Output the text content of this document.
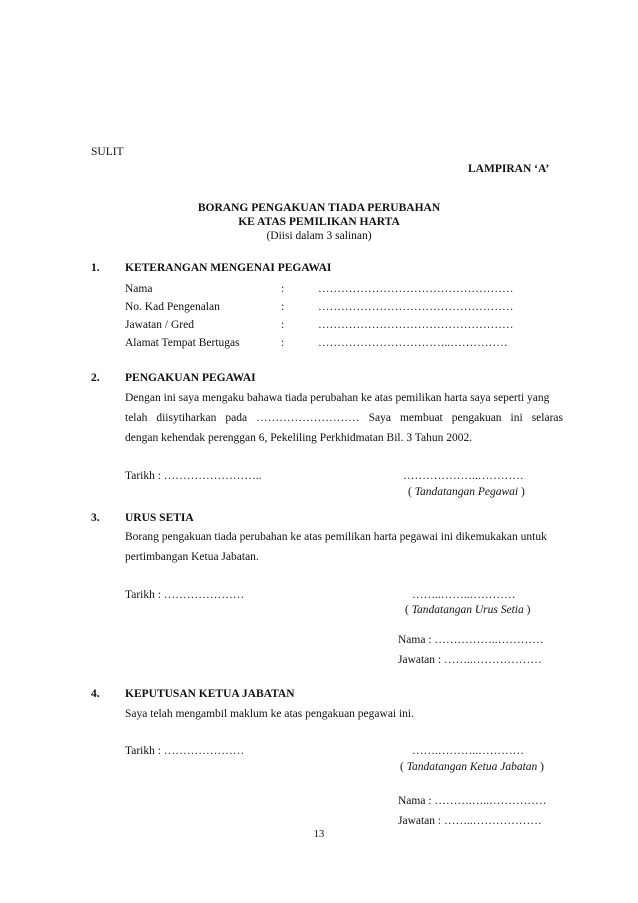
SULIT
LAMPIRAN ‘A’
BORANG PENGAKUAN TIADA PERUBAHAN
KE ATAS PEMILIKAN HARTA
(Diisi dalam 3 salinan)
1. KETERANGAN MENGENAI PEGAWAI
Nama	:	……………………………………………
No. Kad Pengenalan	:	……………………………………………
Jawatan / Gred	:	……………………………………………
Alamat Tempat Bertugas	:	……………………………..……………
2. PENGAKUAN PEGAWAI
Dengan ini saya mengaku bahawa tiada perubahan ke atas pemilikan harta saya seperti yang
telah diisytiharkan pada ……………………… Saya membuat pengakuan ini selaras
dengan kehendak perenggan 6, Pekeliling Perkhidmatan Bil. 3 Tahun 2002.
Tarikh : ……………………..	………………..…………
( Tandatangan Pegawai )
3. URUS SETIA
Borang pengakuan tiada perubahan ke atas pemilikan harta pegawai ini dikemukakan untuk
pertimbangan Ketua Jabatan.
Tarikh : …………………	……..……..…………
( Tandatangan Urus Setia )
Nama : ……………..…………
Jawatan : ……..………………
4. KEPUTUSAN KETUA JABATAN
Saya telah mengambil maklum ke atas pengakuan pegawai ini.
Tarikh : …………………	…….………..…………
( Tandatangan Ketua Jabatan )
Nama : ……….…..……………
Jawatan : ……..………………
13
